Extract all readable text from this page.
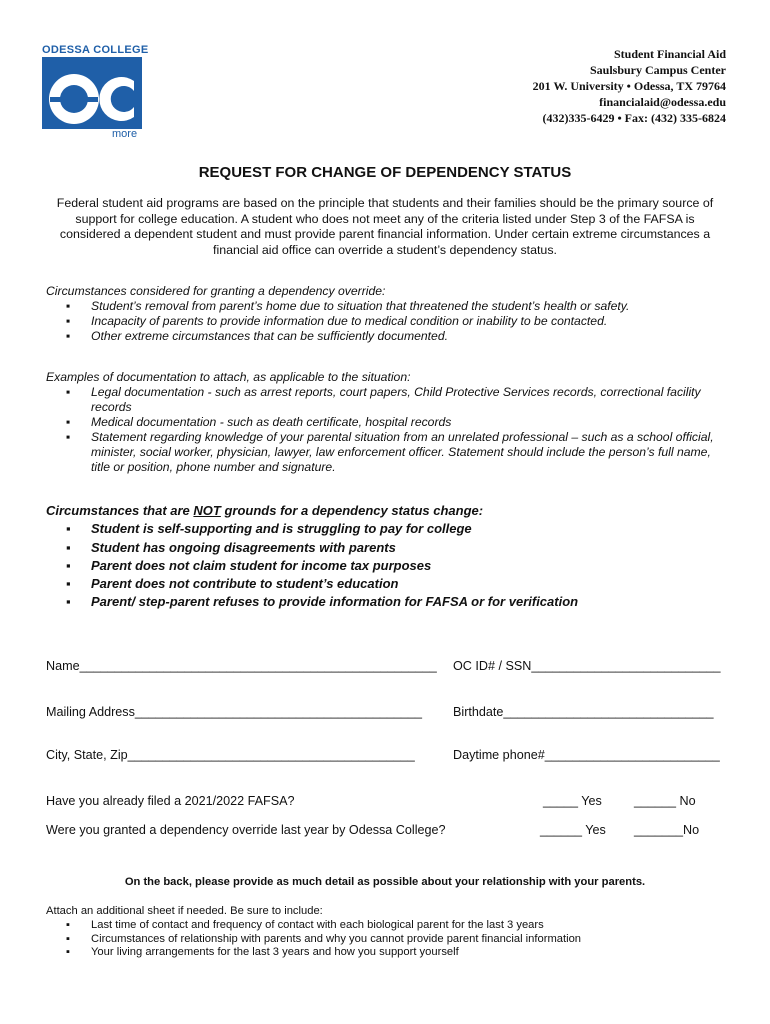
ODESSA COLLEGE
more
Student Financial Aid
Saulsbury Campus Center
201 W. University • Odessa, TX 79764
financialaid@odessa.edu
(432)335-6429 • Fax: (432) 335-6824
REQUEST FOR CHANGE OF DEPENDENCY STATUS
Federal student aid programs are based on the principle that students and their families should be the primary source of support for college education. A student who does not meet any of the criteria listed under Step 3 of the FAFSA is considered a dependent student and must provide parent financial information. Under certain extreme circumstances a financial aid office can override a student’s dependency status.
Circumstances considered for granting a dependency override:
▪ Student’s removal from parent’s home due to situation that threatened the student’s health or safety.
▪ Incapacity of parents to provide information due to medical condition or inability to be contacted.
▪ Other extreme circumstances that can be sufficiently documented.
Examples of documentation to attach, as applicable to the situation:
▪ Legal documentation - such as arrest reports, court papers, Child Protective Services records, correctional facility records
▪ Medical documentation - such as death certificate, hospital records
▪ Statement regarding knowledge of your parental situation from an unrelated professional – such as a school official, minister, social worker, physician, lawyer, law enforcement officer. Statement should include the person’s full name, title or position, phone number and signature.
Circumstances that are NOT grounds for a dependency status change:
▪ Student is self-supporting and is struggling to pay for college
▪ Student has ongoing disagreements with parents
▪ Parent does not claim student for income tax purposes
▪ Parent does not contribute to student’s education
▪ Parent/ step-parent refuses to provide information for FAFSA or for verification
Name___________________________________________________ OC ID# / SSN___________________________
Mailing Address_________________________________________ Birthdate______________________________
City, State, Zip_________________________________________	Daytime phone#_________________________
Have you already filed a 2021/2022 FAFSA?	_____ Yes	______ No
Were you granted a dependency override last year by Odessa College?	______ Yes _______No
On the back, please provide as much detail as possible about your relationship with your parents.
Attach an additional sheet if needed. Be sure to include:
▪ Last time of contact and frequency of contact with each biological parent for the last 3 years
▪ Circumstances of relationship with parents and why you cannot provide parent financial information
▪ Your living arrangements for the last 3 years and how you support yourself
